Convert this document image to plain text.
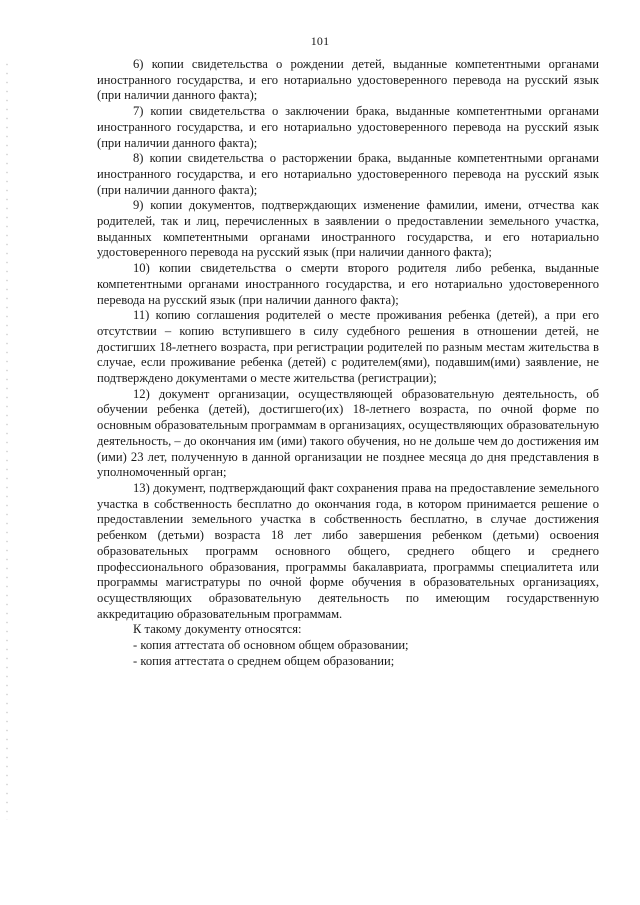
101

6) копии свидетельства о рождении детей, выданные компетентными органами иностранного государства, и его нотариально удостоверенного перевода на русский язык (при наличии данного факта);

7) копии свидетельства о заключении брака, выданные компетентными органами иностранного государства, и его нотариально удостоверенного перевода на русский язык (при наличии данного факта);

8) копии свидетельства о расторжении брака, выданные компетентными органами иностранного государства, и его нотариально удостоверенного перевода на русский язык (при наличии данного факта);

9) копии документов, подтверждающих изменение фамилии, имени, отчества как родителей, так и лиц, перечисленных в заявлении о предоставлении земельного участка, выданных компетентными органами иностранного государства, и его нотариально удостоверенного перевода на русский язык (при наличии данного факта);

10) копии свидетельства о смерти второго родителя либо ребенка, выданные компетентными органами иностранного государства, и его нотариально удостоверенного перевода на русский язык (при наличии данного факта);

11) копию соглашения родителей о месте проживания ребенка (детей), а при его отсутствии – копию вступившего в силу судебного решения в отношении детей, не достигших 18-летнего возраста, при регистрации родителей по разным местам жительства в случае, если проживание ребенка (детей) с родителем(ями), подавшим(ими) заявление, не подтверждено документами о месте жительства (регистрации);

12) документ организации, осуществляющей образовательную деятельность, об обучении ребенка (детей), достигшего(их) 18-летнего возраста, по очной форме по основным образовательным программам в организациях, осуществляющих образовательную деятельность, – до окончания им (ими) такого обучения, но не дольше чем до достижения им (ими) 23 лет, полученную в данной организации не позднее месяца до дня представления в уполномоченный орган;

13) документ, подтверждающий факт сохранения права на предоставление земельного участка в собственность бесплатно до окончания года, в котором принимается решение о предоставлении земельного участка в собственность бесплатно, в случае достижения ребенком (детьми) возраста 18 лет либо завершения ребенком (детьми) освоения образовательных программ основного общего, среднего общего и среднего профессионального образования, программы бакалавриата, программы специалитета или программы магистратуры по очной форме обучения в образовательных организациях, осуществляющих образовательную деятельность по имеющим государственную аккредитацию образовательным программам.

К такому документу относятся:

- копия аттестата об основном общем образовании;

- копия аттестата о среднем общем образовании;
